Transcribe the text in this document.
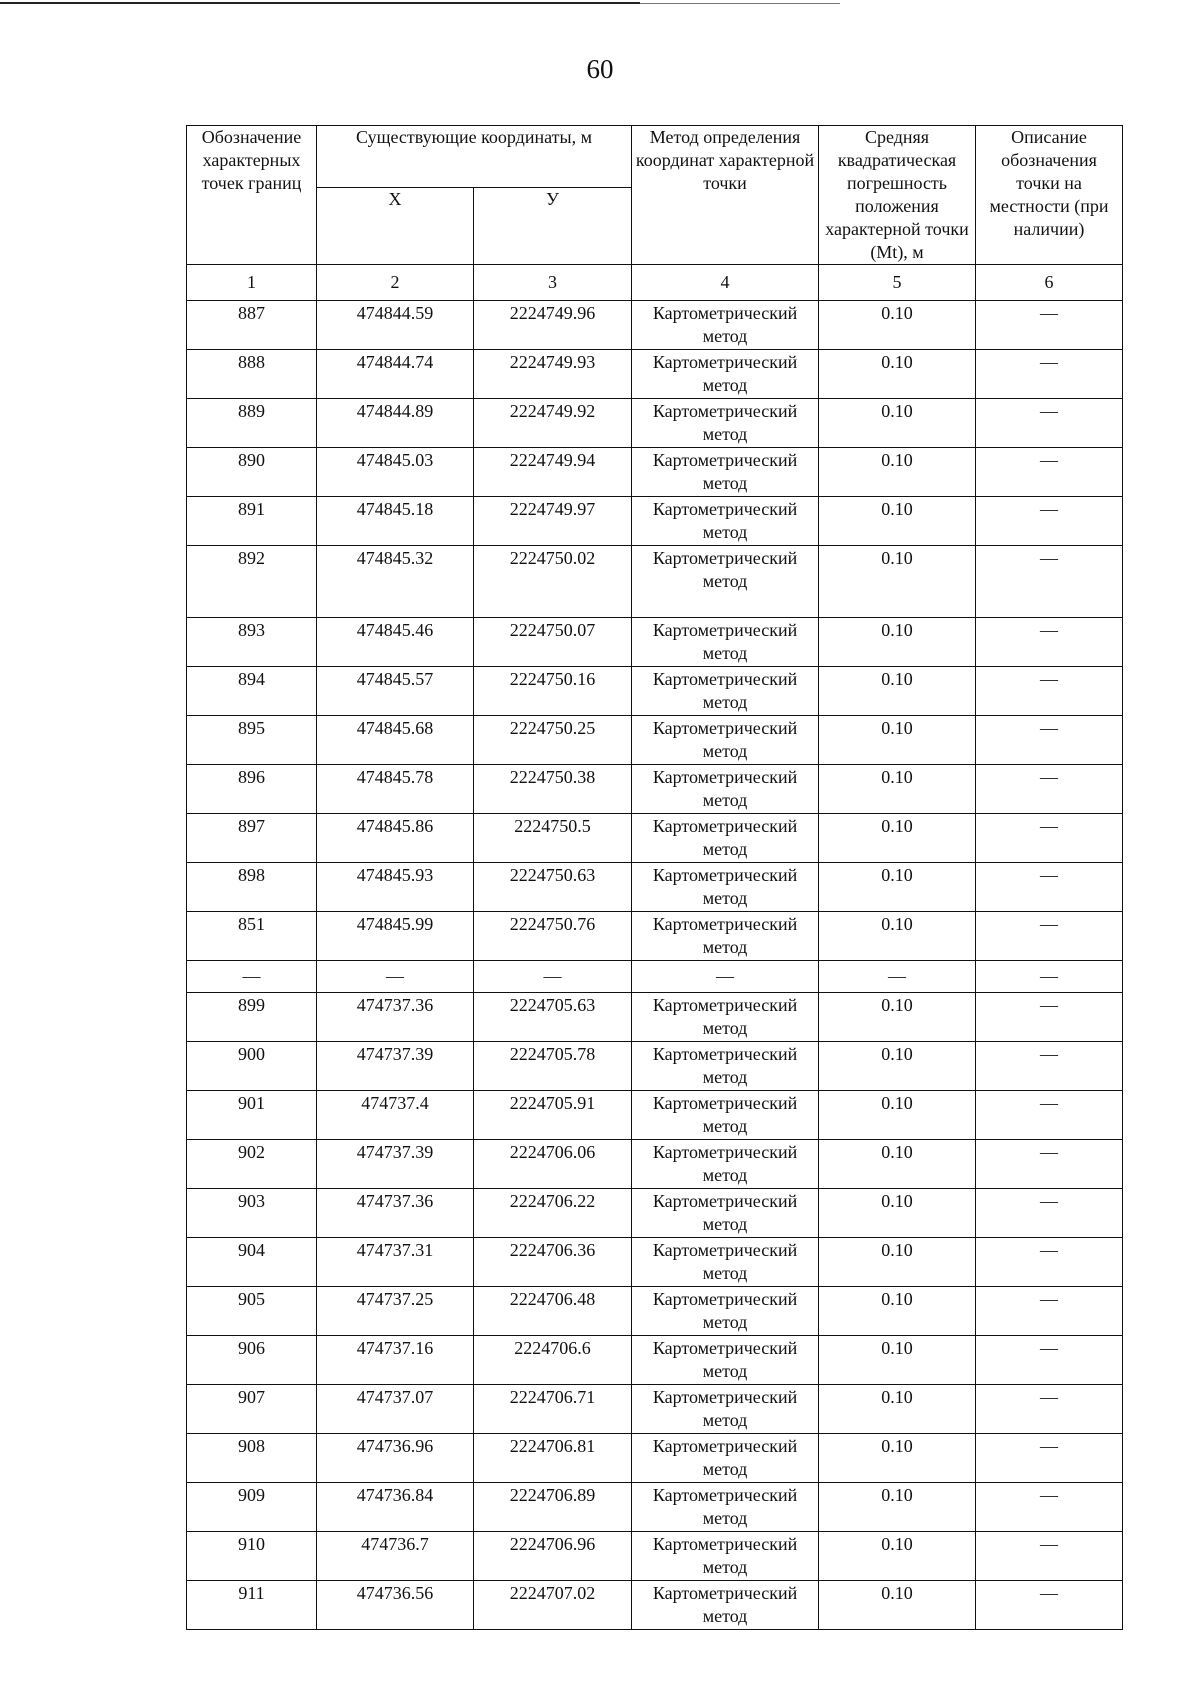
60
Обозначение характерных точек границ	Существующие координаты, м		Метод определения координат характерной точки	Средняя квадратическая погрешность положения характерной точки (Mt), м	Описание обозначения точки на местности (при наличии)
	Х	У			
1	2	3	4	5	6
887	474844.59	2224749.96	Картометрический метод	0.10	—
888	474844.74	2224749.93	Картометрический метод	0.10	—
889	474844.89	2224749.92	Картометрический метод	0.10	—
890	474845.03	2224749.94	Картометрический метод	0.10	—
891	474845.18	2224749.97	Картометрический метод	0.10	—
892	474845.32	2224750.02	Картометрический метод	0.10	—
893	474845.46	2224750.07	Картометрический метод	0.10	—
894	474845.57	2224750.16	Картометрический метод	0.10	—
895	474845.68	2224750.25	Картометрический метод	0.10	—
896	474845.78	2224750.38	Картометрический метод	0.10	—
897	474845.86	2224750.5	Картометрический метод	0.10	—
898	474845.93	2224750.63	Картометрический метод	0.10	—
851	474845.99	2224750.76	Картометрический метод	0.10	—
—	—	—	—	—	—
899	474737.36	2224705.63	Картометрический метод	0.10	—
900	474737.39	2224705.78	Картометрический метод	0.10	—
901	474737.4	2224705.91	Картометрический метод	0.10	—
902	474737.39	2224706.06	Картометрический метод	0.10	—
903	474737.36	2224706.22	Картометрический метод	0.10	—
904	474737.31	2224706.36	Картометрический метод	0.10	—
905	474737.25	2224706.48	Картометрический метод	0.10	—
906	474737.16	2224706.6	Картометрический метод	0.10	—
907	474737.07	2224706.71	Картометрический метод	0.10	—
908	474736.96	2224706.81	Картометрический метод	0.10	—
909	474736.84	2224706.89	Картометрический метод	0.10	—
910	474736.7	2224706.96	Картометрический метод	0.10	—
911	474736.56	2224707.02	Картометрический метод	0.10	—
